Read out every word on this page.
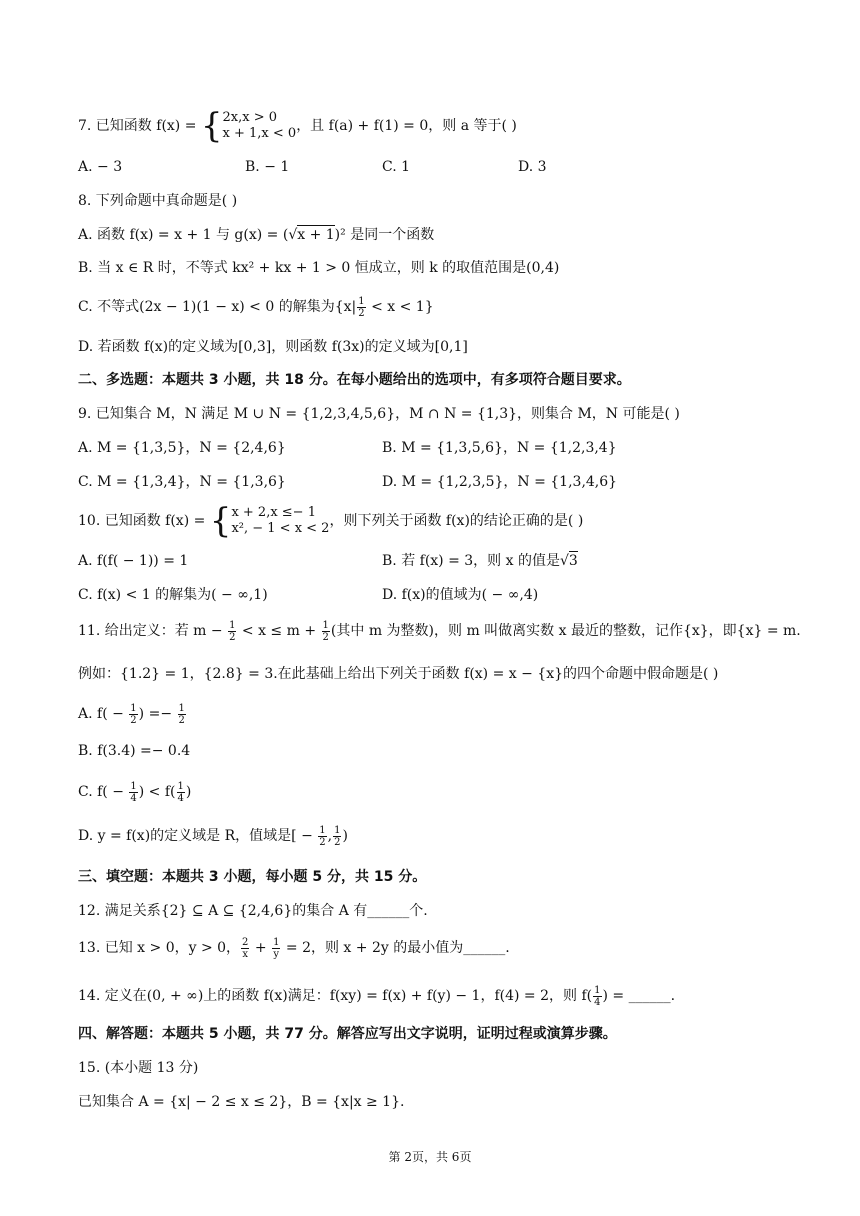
7. 已知函数 f(x) = { 2x,x > 0
x + 1,x < 0 ，且 f(a) + f(1) = 0，则 a 等于( )
A. − 3	B. − 1	C. 1	D. 3
8. 下列命题中真命题是( )
A. 函数 f(x) = x + 1 与 g(x) = (√x + 1)² 是同一个函数
B. 当 x ∈ R 时，不等式 kx² + kx + 1 > 0 恒成立，则 k 的取值范围是(0,4)
C. 不等式(2x − 1)(1 − x) < 0 的解集为$\{x| \frac{1}{2} < x < 1\}$
D. 若函数 f(x)的定义域为[0,3]，则函数 f(3x)的定义域为[0,1]
二、多选题：本题共 3 小题，共 18 分。在每小题给出的选项中，有多项符合题目要求。
9. 已知集合 M，N 满足 M ∪ N = {1,2,3,4,5,6}，M ∩ N = {1,3}，则集合 M，N 可能是( )
A. M = {1,3,5}，N = {2,4,6}	B. M = {1,3,5,6}，N = {1,2,3,4}
C. M = {1,3,4}，N = {1,3,6}	D. M = {1,2,3,5}，N = {1,3,4,6}
10. 已知函数 f(x) = { x + 2,x ≤− 1
x², − 1 < x < 2 ，则下列关于函数 f(x)的结论正确的是( )
A. f(f( − 1)) = 1	B. 若 f(x) = 3，则 x 的值是√3
C. f(x) < 1 的解集为( − ∞,1)	D. f(x)的值域为( − ∞,4)
11. 给出定义：若 $m - \frac{1}{2} < x \le m + \frac{1}{2}$ (其中 m 为整数)，则 m 叫做离实数 x 最近的整数，记作{x}，即{x} = m.
例如：{1.2} = 1，{2.8} = 3.在此基础上给出下列关于函数 f(x) = x − {x}的四个命题中假命题是( )
A. $f( - \frac{1}{2}$ ) =− $\frac{1}{2}$
B. f(3.4) =− 0.4
C. $f( - \frac{1}{4}$ ) < $f( \frac{1}{4}$ )
D. y = f(x)的定义域是 R，值域是[ − $\frac{1}{2}$ , $\frac{1}{2}$ )
三、填空题：本题共 3 小题，每小题 5 分，共 15 分。
12. 满足关系{2} ⊆ A ⊆ {2,4,6}的集合 A 有______个.
13. 已知 x > 0，y > 0， $\frac{2}{x} + \frac{1}{y} = 2$，则 x + 2y 的最小值为______.
14. 定义在(0, + ∞)上的函数 f(x)满足：f(xy) = f(x) + f(y) − 1，f(4) = 2，则 $f( \frac{1}{4}$ ) = ______.
四、解答题：本题共 5 小题，共 77 分。解答应写出文字说明，证明过程或演算步骤。
15. (本小题 13 分)
已知集合 A = {x| − 2 ≤ x ≤ 2}，B = {x|x ≥ 1}.
第 2页，共 6页
